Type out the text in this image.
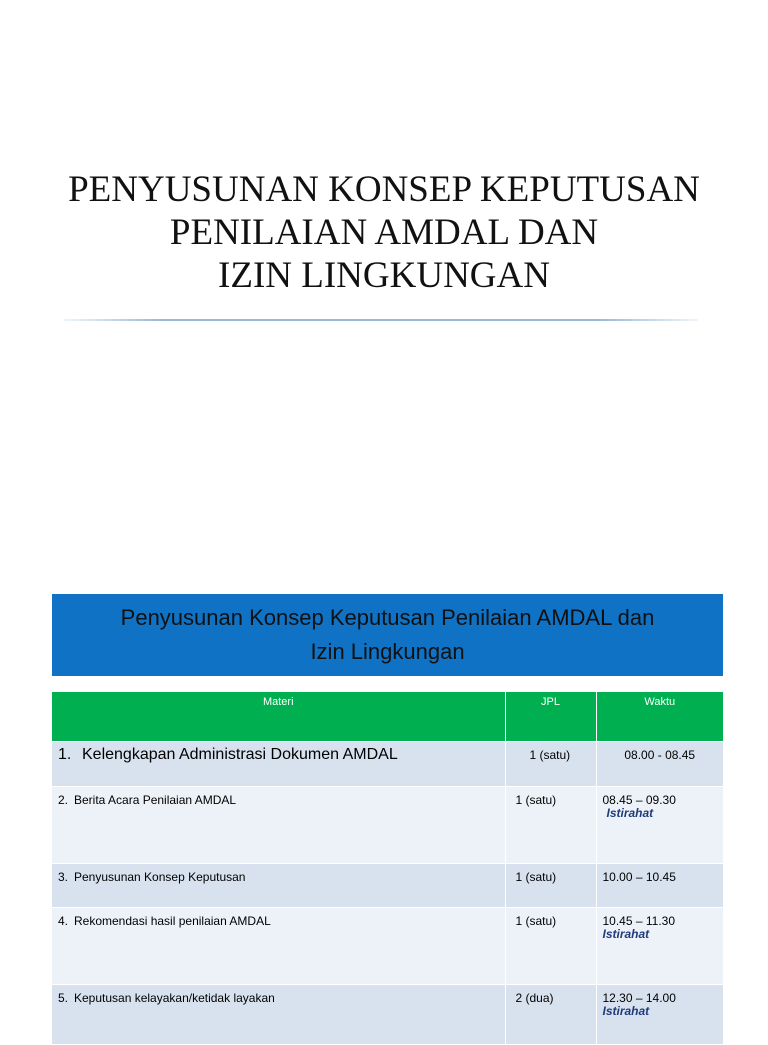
PENYUSUNAN KONSEP KEPUTUSAN
PENILAIAN AMDAL DAN
IZIN LINGKUNGAN
Penyusunan Konsep Keputusan Penilaian AMDAL dan
Izin Lingkungan
Materi	JPL	Waktu
1. Kelengkapan Administrasi Dokumen AMDAL	1 (satu)	08.00 - 08.45
2. Berita Acara Penilaian AMDAL	1 (satu)	08.45 – 09.30
Istirahat

3. Penyusunan Konsep Keputusan	1 (satu)	10.00 – 10.45
4. Rekomendasi hasil penilaian AMDAL	1 (satu)	10.45 – 11.30
Istirahat

5. Keputusan kelayakan/ketidak layakan	2 (dua)	12.30 – 14.00
Istirahat
